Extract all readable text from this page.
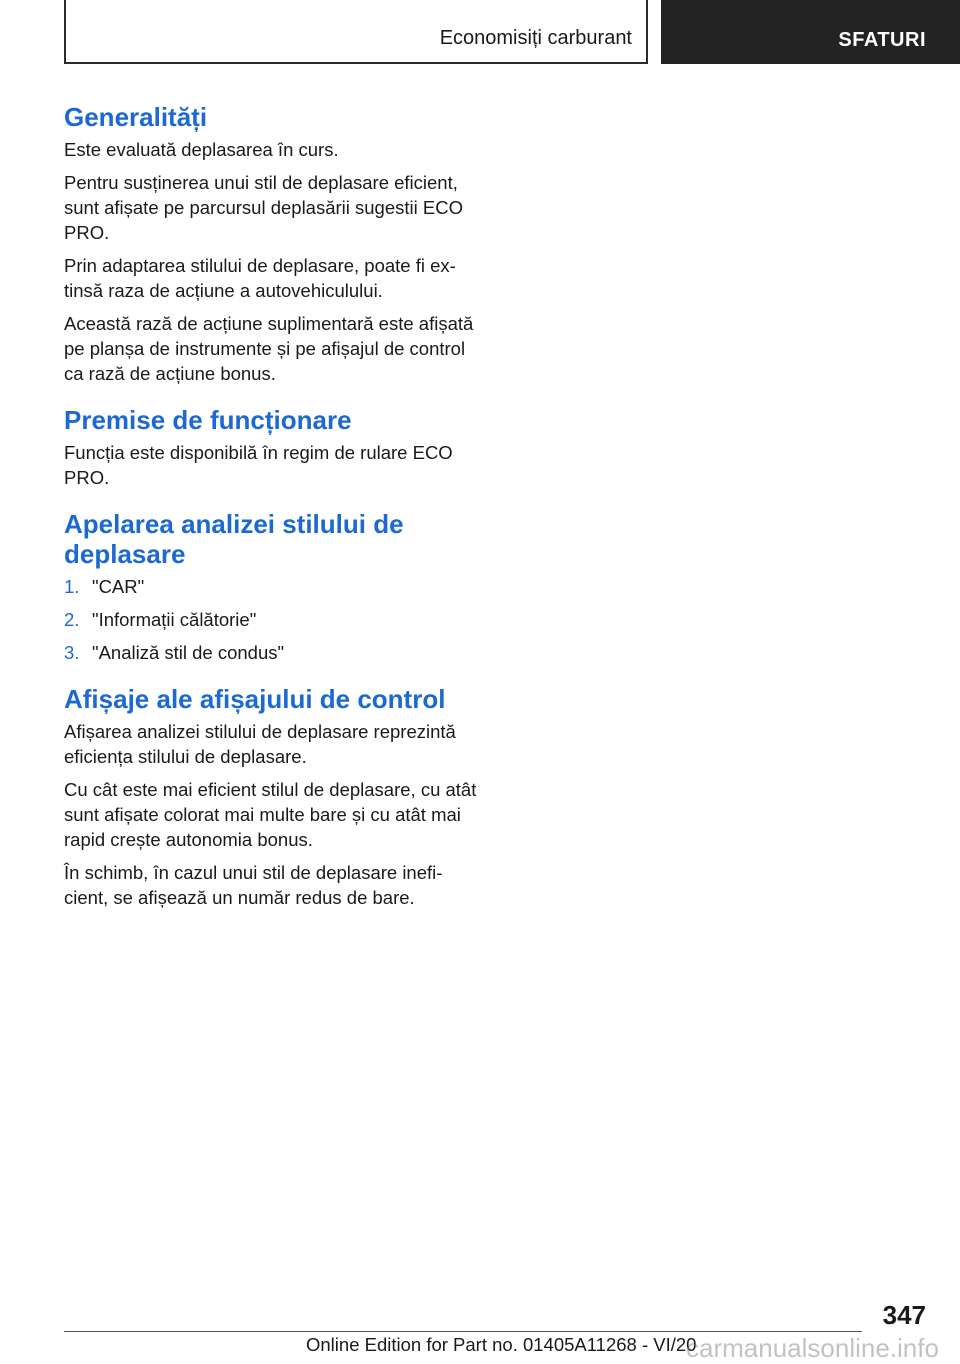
Economisiți carburant	SFATURI
Generalități

Este evaluată deplasarea în curs.

Pentru susținerea unui stil de deplasare eficient, sunt afișate pe parcursul deplasării sugestii ECO PRO.

Prin adaptarea stilului de deplasare, poate fi ex‐ tinsă raza de acțiune a autovehiculului.

Această rază de acțiune suplimentară este afișată pe planșa de instrumente și pe afișajul de control ca rază de acțiune bonus.

Premise de funcționare

Funcția este disponibilă în regim de rulare ECO PRO.

Apelarea analizei stilului de deplasare
1. "CAR"
2. "Informații călătorie"
3. "Analiză stil de condus"
Afișaje ale afișajului de control

Afișarea analizei stilului de deplasare reprezintă eficiența stilului de deplasare.

Cu cât este mai eficient stilul de deplasare, cu atât sunt afișate colorat mai multe bare și cu atât mai rapid crește autonomia bonus.

În schimb, în cazul unui stil de deplasare inefi‐ cient, se afișează un număr redus de bare.

347
Online Edition for Part no. 01405A11268 - VI/20
carmanualsonline.info
